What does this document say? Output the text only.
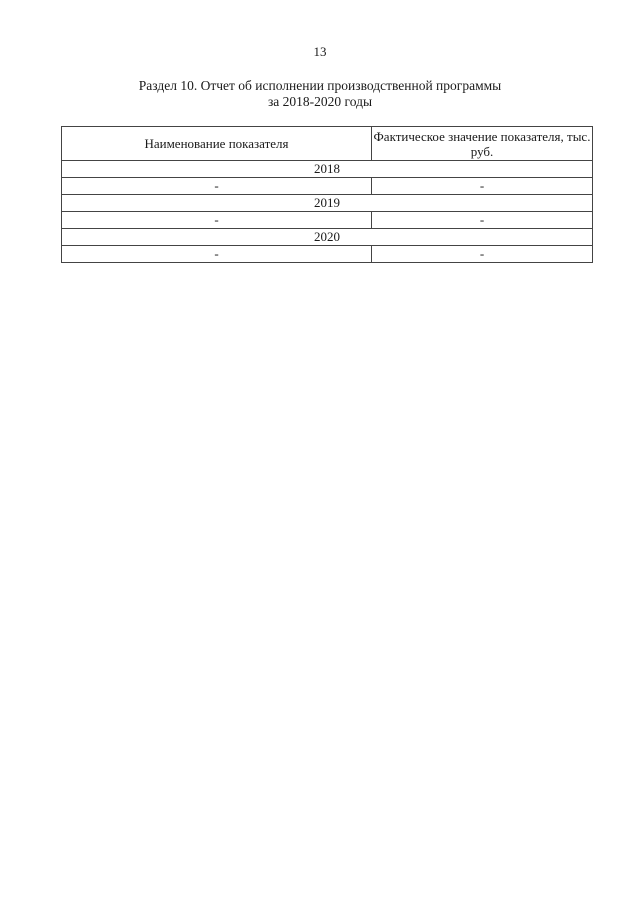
13
Раздел 10. Отчет об исполнении производственной программы
за 2018-2020 годы
Наименование показателя	Фактическое значение показателя, тыс. руб.
2018	
-	-
2019	
-	-
2020	
-	-
